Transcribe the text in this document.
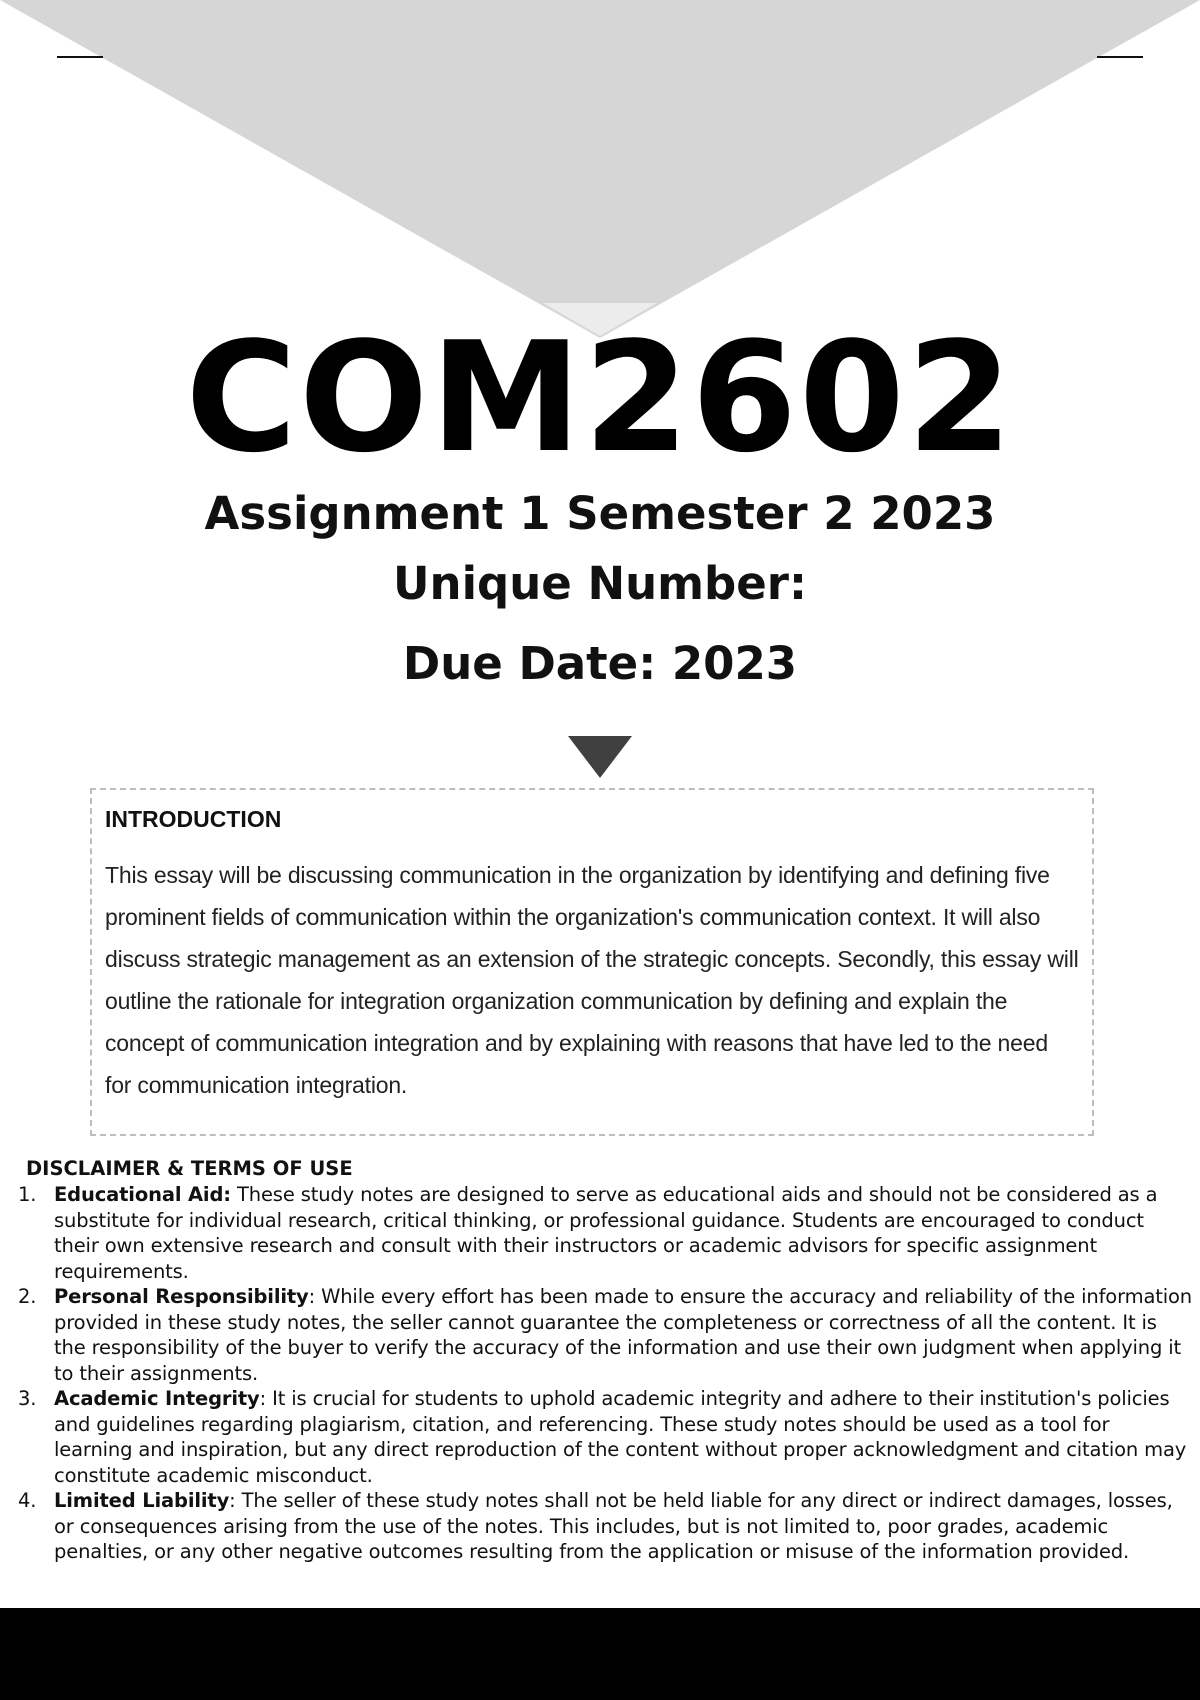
COM2602
Assignment 1 Semester 2 2023
Unique Number:
Due Date: 2023
INTRODUCTION

This essay will be discussing communication in the organization by identifying and defining five prominent fields of communication within the organization's communication context. It will also discuss strategic management as an extension of the strategic concepts. Secondly, this essay will outline the rationale for integration organization communication by defining and explain the concept of communication integration and by explaining with reasons that have led to the need for communication integration.

DISCLAIMER & TERMS OF USE
1. Educational Aid: These study notes are designed to serve as educational aids and should not be considered as a substitute for individual research, critical thinking, or professional guidance. Students are encouraged to conduct their own extensive research and consult with their instructors or academic advisors for specific assignment requirements.
2. Personal Responsibility: While every effort has been made to ensure the accuracy and reliability of the information provided in these study notes, the seller cannot guarantee the completeness or correctness of all the content. It is the responsibility of the buyer to verify the accuracy of the information and use their own judgment when applying it to their assignments.
3. Academic Integrity: It is crucial for students to uphold academic integrity and adhere to their institution's policies and guidelines regarding plagiarism, citation, and referencing. These study notes should be used as a tool for learning and inspiration, but any direct reproduction of the content without proper acknowledgment and citation may constitute academic misconduct.
4. Limited Liability: The seller of these study notes shall not be held liable for any direct or indirect damages, losses, or consequences arising from the use of the notes. This includes, but is not limited to, poor grades, academic penalties, or any other negative outcomes resulting from the application or misuse of the information provided.
